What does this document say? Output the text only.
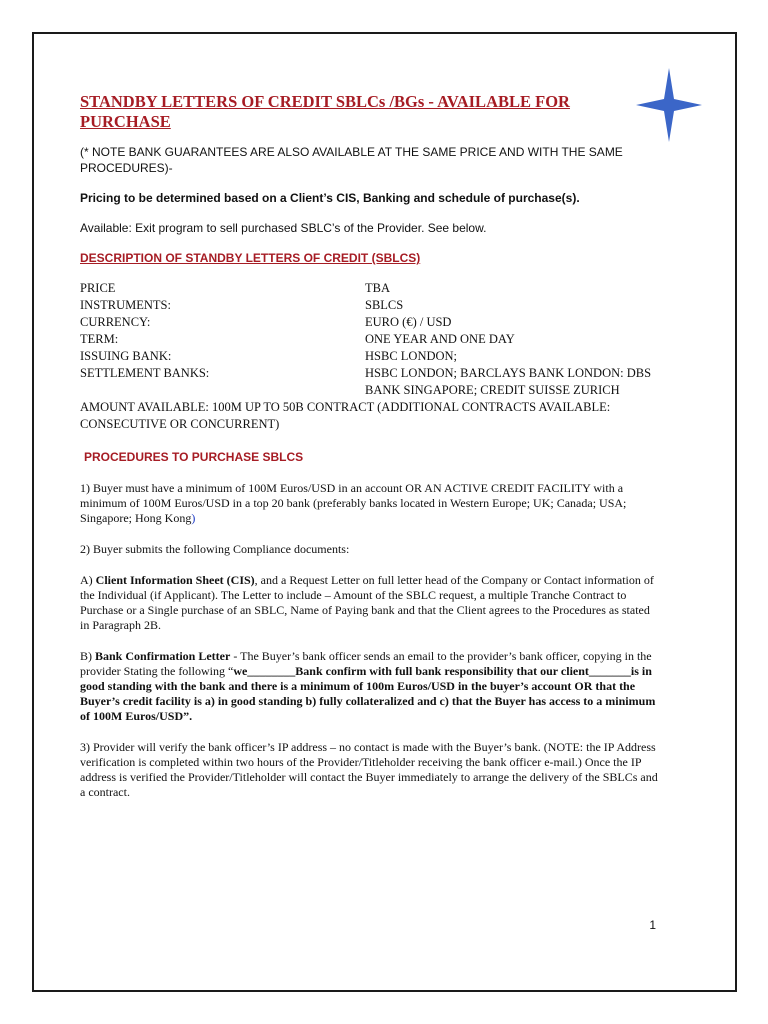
STANDBY LETTERS OF CREDIT SBLCs /BGs - AVAILABLE FOR PURCHASE
(* NOTE BANK GUARANTEES ARE ALSO AVAILABLE AT THE SAME PRICE AND WITH THE SAME PROCEDURES)-
Pricing to be determined based on a Client’s CIS, Banking and schedule of purchase(s).
Available: Exit program to sell purchased SBLC’s of the Provider. See below.
DESCRIPTION OF STANDBY LETTERS OF CREDIT (SBLCS)
PRICE	TBA
INSTRUMENTS:	SBLCS
CURRENCY:	EURO (€) / USD
TERM:	ONE YEAR AND ONE DAY
ISSUING BANK:	HSBC LONDON;
SETTLEMENT BANKS:	HSBC LONDON; BARCLAYS BANK LONDON: DBS BANK SINGAPORE; CREDIT SUISSE ZURICH
AMOUNT AVAILABLE: 100M UP TO 50B CONTRACT (ADDITIONAL CONTRACTS AVAILABLE: CONSECUTIVE OR CONCURRENT)
PROCEDURES TO PURCHASE SBLCS
1) Buyer must have a minimum of 100M Euros/USD in an account OR AN ACTIVE CREDIT FACILITY with a minimum of 100M Euros/USD in a top 20 bank (preferably banks located in Western Europe; UK; Canada; USA; Singapore; Hong Kong)
2) Buyer submits the following Compliance documents:
A) Client Information Sheet (CIS), and a Request Letter on full letter head of the Company or Contact information of the Individual (if Applicant). The Letter to include – Amount of the SBLC request, a multiple Tranche Contract to Purchase or a Single purchase of an SBLC, Name of Paying bank and that the Client agrees to the Procedures as stated in Paragraph 2B.
B) Bank Confirmation Letter - The Buyer’s bank officer sends an email to the provider’s bank officer, copying in the provider Stating the following “we________Bank confirm with full bank responsibility that our client_______is in good standing with the bank and there is a minimum of 100m Euros/USD in the buyer’s account OR that the Buyer’s credit facility is a) in good standing b) fully collateralized and c) that the Buyer has access to a minimum of 100M Euros/USD”.
3) Provider will verify the bank officer’s IP address – no contact is made with the Buyer’s bank. (NOTE: the IP Address verification is completed within two hours of the Provider/Titleholder receiving the bank officer e-mail.) Once the IP address is verified the Provider/Titleholder will contact the Buyer immediately to arrange the delivery of the SBLCs and a contract.
1
